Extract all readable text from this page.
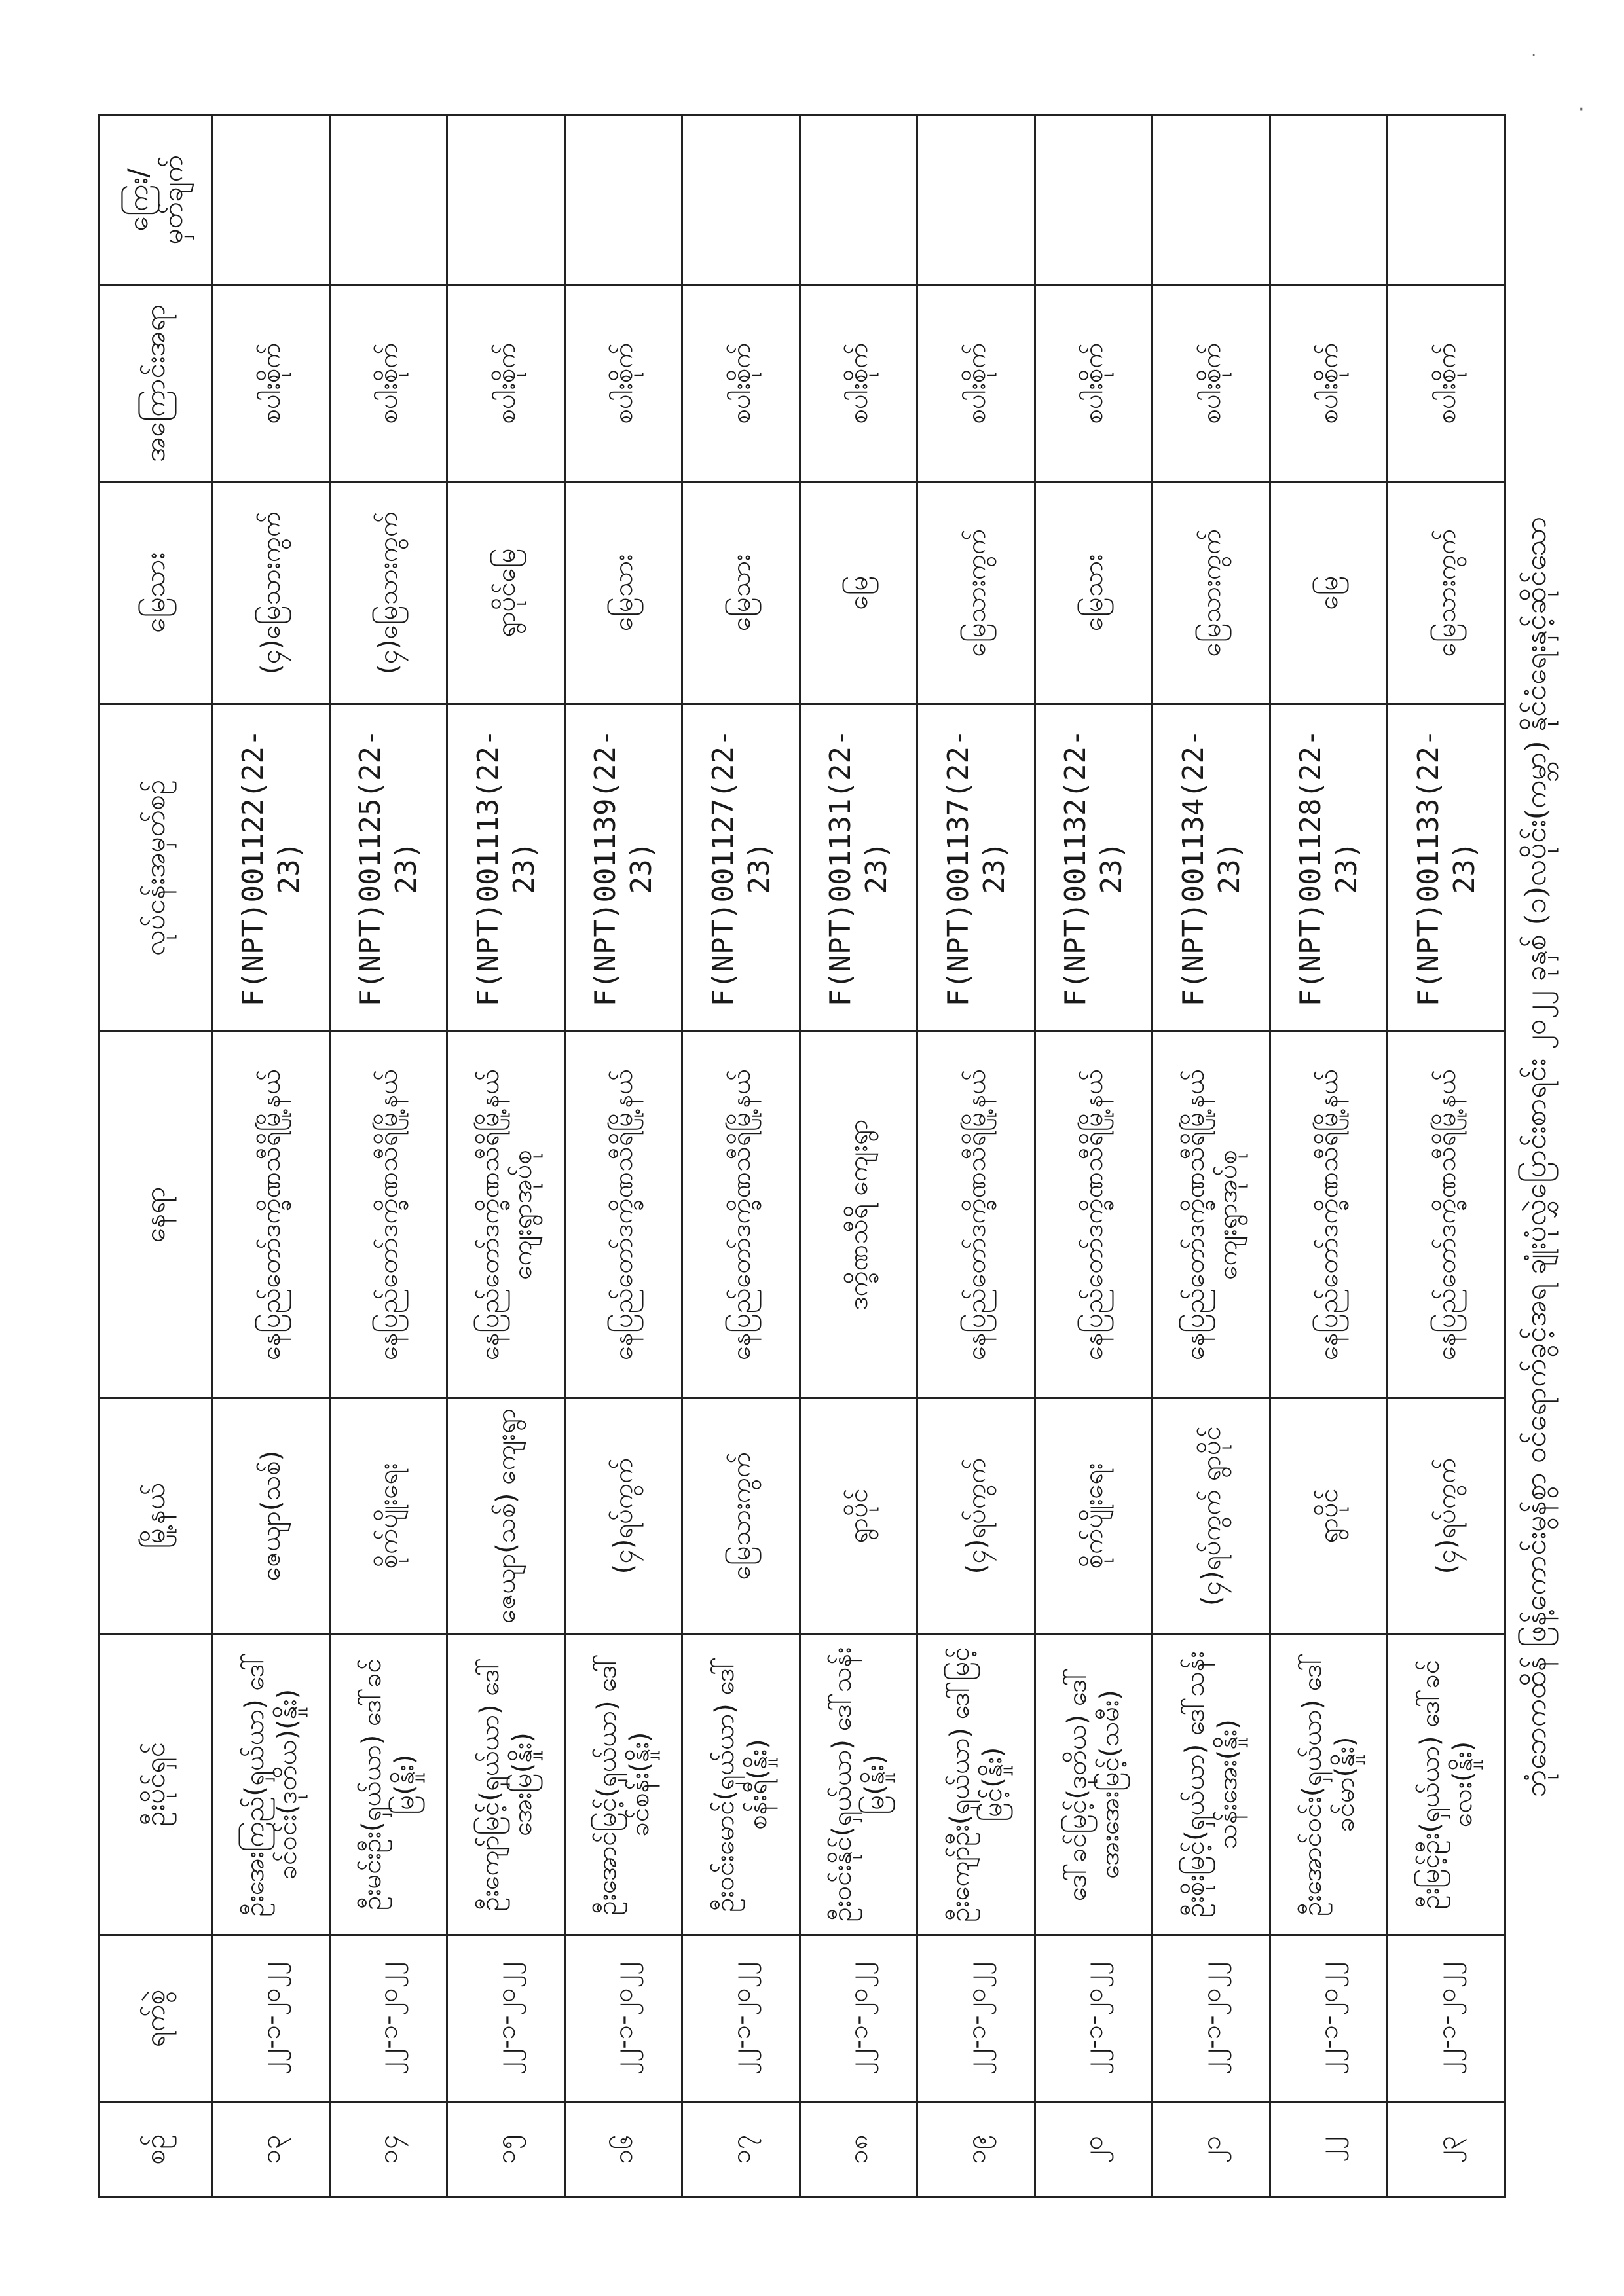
စဉ်	ရက်စွဲ	ဦးပိုင်ရှင်	မြို့နယ်	နေရာ	လုပ်ငန်းအမှတ်စဉ်	မြေသား	အကြောင်းအရာ	ကြေး/မှတ်ချက်
၁၃	၂၂-၁-၂၀၂၂	ဦးအေးကြည်(ရှယ်ယာ) ဒေါ်ခင်ဝင်း(ဒုတိယ)(နှိုး)	ဇေယျာ(သစ်)	နေပြည်တော်ဒက္ခိဏသီရိမြို့နယ်	F(NPT)001122(22-23)	(၄)မြေသားကွက်	စပါးစိုက်	
၁၄	၂၂-၁-၂၀၂၂	ဦးမင်းဦး(ရှယ်ယာ) ဒေါ်ခင်မြ(နှိုး)	စိုက်ပျိုးရေး	နေပြည်တော်ဒက္ခိဏသီရိမြို့နယ်	F(NPT)001125(22-23)	(၄)မြေသားကွက်	စပါးစိုက်	
၁၅	၂၂-၁-၂၀၂၂	ဦးကျော်မြင့်(ရှယ်ယာ) ဒေါ်အေးမြ(နှိုး)	ဇေယျာ(သစ်) ကျေးရွာ	နေပြည်တော်ဒက္ခိဏသီရိမြို့နယ် ကျေးရွာအုပ်စု	F(NPT)001113(22-23)	ရွာပိုင်မြေ	စပါးစိုက်	
၁၆	၂၂-၁-၂၀၂၂	ဦးအောင်မြင့်(ရှယ်ယာ) ဒေါ်ခင်စန်း(နှိုး)	(၄)ရပ်ကွက်	နေပြည်တော်ဒက္ခိဏသီရိမြို့နယ်	F(NPT)001139(22-23)	မြေသား	စပါးစိုက်	
၁၇	၂၂-၁-၂၀၂၂	ဦးဝင်းမောင်(ရှယ်ယာ) ဒေါ်စန်းရီ(နှိုး)	မြေသားကွက်	နေပြည်တော်ဒက္ခိဏသီရိမြို့နယ်	F(NPT)001127(22-23)	မြေသား	စပါးစိုက်	
၁၈	၂၂-၁-၂၀၂၂	ဦးဝင်းနိုင်(ရှယ်ယာ) ဒေါ်သန်းမြ(နှိုး)	ရွာပိုင်	ဒက္ခိဏသီရိ ကျေးရွာ	F(NPT)001131(22-23)	မြေ	စပါးစိုက်	
၁၉	၂၂-၁-၂၀၂၂	ဦးကျော်ဦး(ရှယ်ယာ) ဒေါ်မြင့်မြင့်(နှိုး)	(၄)ရပ်ကွက်	နေပြည်တော်ဒက္ခိဏသီရိမြို့နယ်	F(NPT)001137(22-23)	မြေသားကွက်	စပါးစိုက်	
၂၀	၂၂-၁-၂၀၂၂	ဒေါ်ခင်မြင့်(ဒုတိယ) ဒေါ်အေးအေးမြင့်(သမီး)	စိုက်ပျိုးရေး	နေပြည်တော်ဒက္ခိဏသီရိမြို့နယ်	F(NPT)001132(22-23)	မြေသား	စပါးစိုက်	
၂၁	၂၂-၁-၂၀၂၂	ဦးစိုးမြင့်(ရှယ်ယာ) ဒေါ်သန်းသန်းအေး(နှိုး)	(၄)ရပ်ကွက် ရွာပိုင်	နေပြည်တော်ဒက္ခိဏသီရိမြို့နယ် ကျေးရွာအုပ်စု	F(NPT)001134(22-23)	မြေသားကွက်	စပါးစိုက်	
၂၂	၂၂-၁-၂၀၂၂	ဦးအောင်ဝင်း(ရှယ်ယာ) ဒေါ်ခင်မာ(နှိုး)	ရွာပိုင်	နေပြည်တော်ဒက္ခိဏသီရိမြို့နယ်	F(NPT)001128(22-23)	မြေ	စပါးစိုက်	
၂၃	၂၂-၁-၂၀၂၂	ဦးမြင့်ဦး(ရှယ်ယာ) ဒေါ်ခင်လေး(နှိုး)	(၄)ရပ်ကွက်	နေပြည်တော်ဒက္ခိဏသီရိမြို့နယ်	F(NPT)001133(22-23)	မြေသားကွက်	စပါးစိုက်	
ဘုံဘေကထိန် ဖြန့်ကောင်းမွန်စွာ ဝင်ရောက်ခွင့်အရ ချုံးပုံလွှဲပြောင်းစာရင်း ၂၀၂၂ ခုနှစ် (၁)လပိုင်း(ကမ္ဘာ) နိုင်ငံရေးနှင့်ဆိုင်သော
·
·
